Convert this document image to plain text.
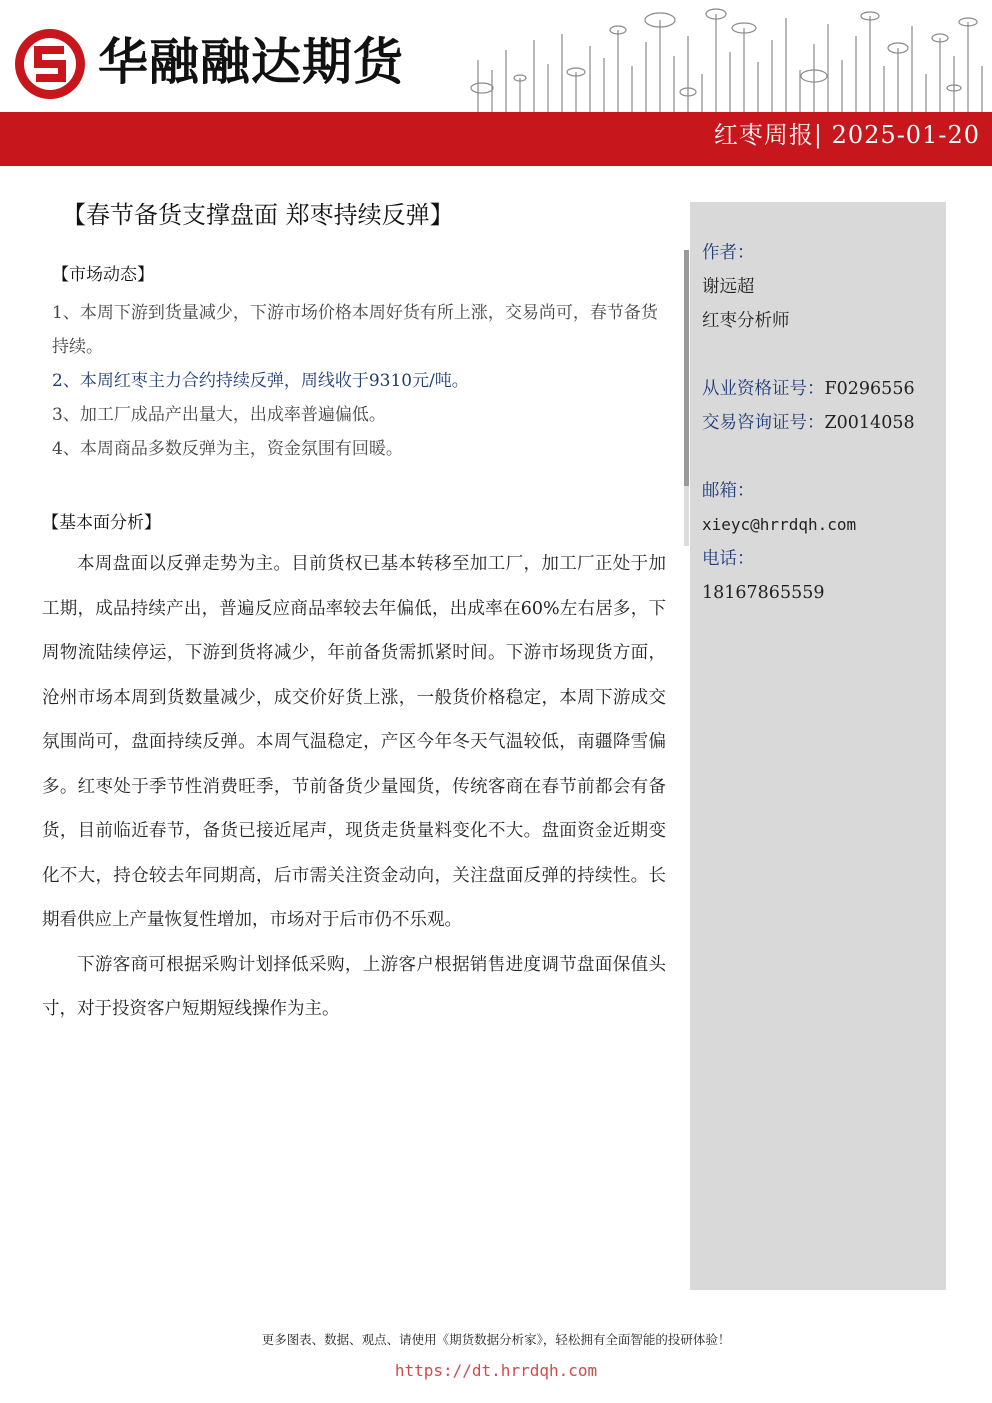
华融融达期货
红枣周报| 2025-01-20
【春节备货支撑盘面 郑枣持续反弹】
【市场动态】
1、本周下游到货量减少，下游市场价格本周好货有所上涨，交易尚可，春节备货持续。
2、本周红枣主力合约持续反弹，周线收于9310元/吨。
3、加工厂成品产出量大，出成率普遍偏低。
4、本周商品多数反弹为主，资金氛围有回暖。
【基本面分析】

本周盘面以反弹走势为主。目前货权已基本转移至加工厂，加工厂正处于加工期，成品持续产出，普遍反应商品率较去年偏低，出成率在60%左右居多，下周物流陆续停运，下游到货将减少，年前备货需抓紧时间。下游市场现货方面，沧州市场本周到货数量减少，成交价好货上涨，一般货价格稳定，本周下游成交氛围尚可，盘面持续反弹。本周气温稳定，产区今年冬天气温较低，南疆降雪偏多。红枣处于季节性消费旺季，节前备货少量囤货，传统客商在春节前都会有备货，目前临近春节，备货已接近尾声，现货走货量料变化不大。盘面资金近期变化不大，持仓较去年同期高，后市需关注资金动向，关注盘面反弹的持续性。长期看供应上产量恢复性增加，市场对于后市仍不乐观。

下游客商可根据采购计划择低采购，上游客户根据销售进度调节盘面保值头寸，对于投资客户短期短线操作为主。

作者：
谢远超
红枣分析师
从业资格证号：F0296556
交易咨询证号：Z0014058
邮箱：
xieyc@hrrdqh.com
电话：
18167865559
更多图表、数据、观点、请使用《期货数据分析家》，轻松拥有全面智能的投研体验！
https://dt.hrrdqh.com
